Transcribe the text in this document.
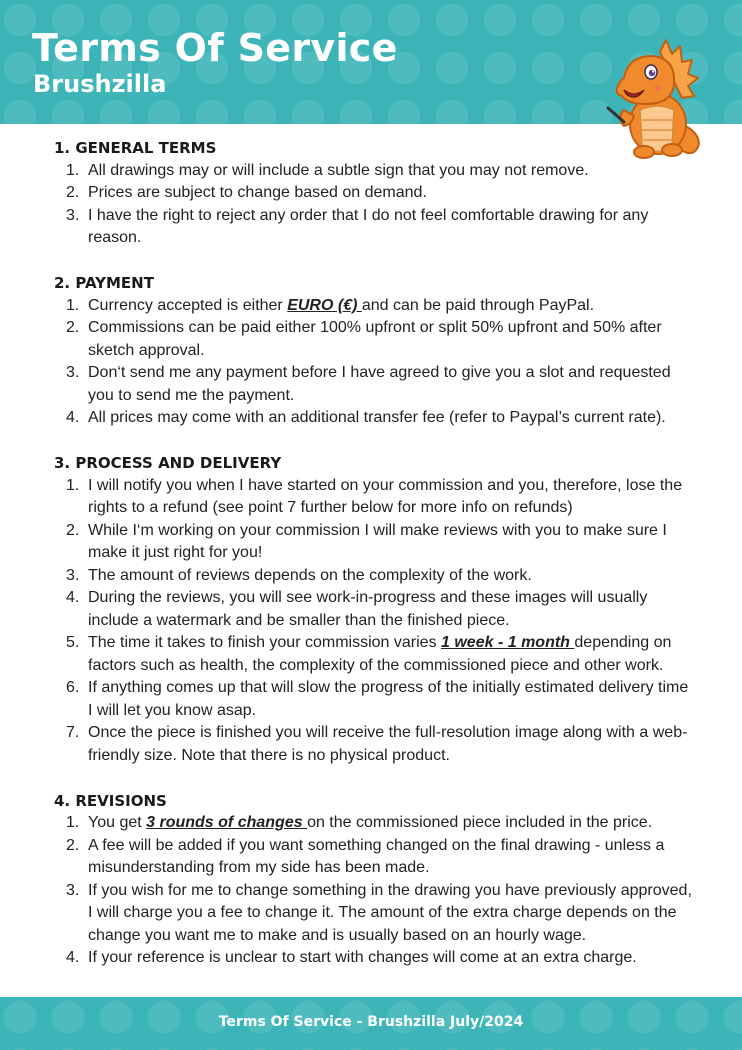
Terms Of Service
Brushzilla
1. GENERAL TERMS
1. All drawings may or will include a subtle sign that you may not remove.
2. Prices are subject to change based on demand.
3. I have the right to reject any order that I do not feel comfortable drawing for any reason.
2. PAYMENT
1. Currency accepted is either EURO (€) and can be paid through PayPal.
2. Commissions can be paid either 100% upfront or split 50% upfront and 50% after sketch approval.
3. Don‘t send me any payment before I have agreed to give you a slot and requested you to send me the payment.
4. All prices may come with an additional transfer fee (refer to Paypal’s current rate).
3. PROCESS AND DELIVERY
1. I will notify you when I have started on your commission and you, therefore, lose the rights to a refund (see point 7 further below for more info on refunds)
2. While I‘m working on your commission I will make reviews with you to make sure I make it just right for you!
3. The amount of reviews depends on the complexity of the work.
4. During the reviews, you will see work-in-progress and these images will usually include a watermark and be smaller than the finished piece.
5. The time it takes to finish your commission varies 1 week - 1 month depending on factors such as health, the complexity of the commissioned piece and other work.
6. If anything comes up that will slow the progress of the initially estimated delivery time I will let you know asap.
7. Once the piece is finished you will receive the full-resolution image along with a web-friendly size. Note that there is no physical product.
4. REVISIONS
1. You get 3 rounds of changes on the commissioned piece included in the price.
2. A fee will be added if you want something changed on the final drawing - unless a misunderstanding from my side has been made.
3. If you wish for me to change something in the drawing you have previously approved, I will charge you a fee to change it. The amount of the extra charge depends on the change you want me to make and is usually based on an hourly wage.
4. If your reference is unclear to start with changes will come at an extra charge.
Terms Of Service - Brushzilla July/2024
